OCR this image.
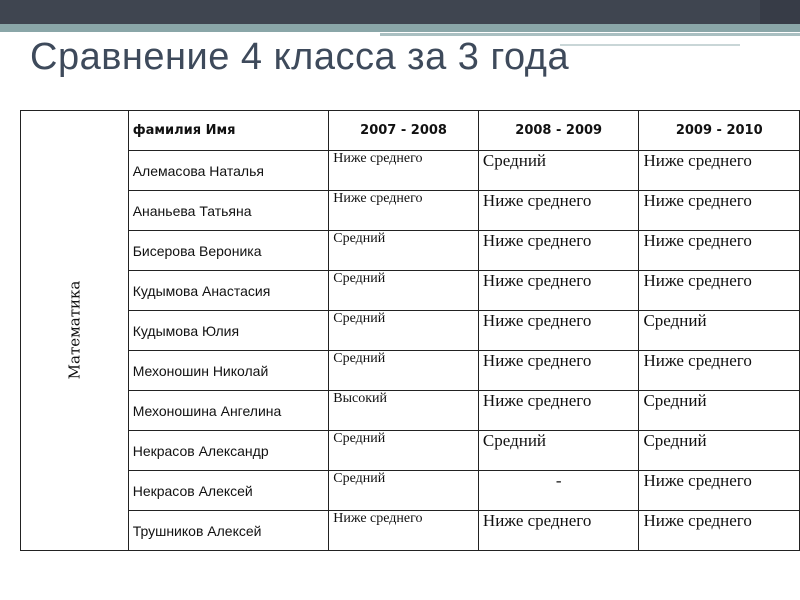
Сравнение 4 класса за 3 года
Математика	фамилия Имя	2007 - 2008	2008 - 2009	2009 - 2010
	Алемасова Наталья	Ниже среднего	Средний	Ниже среднего
	Ананьева Татьяна	Ниже среднего	Ниже среднего	Ниже среднего
	Бисерова Вероника	Средний	Ниже среднего	Ниже среднего
	Кудымова Анастасия	Средний	Ниже среднего	Ниже среднего
	Кудымова Юлия	Средний	Ниже среднего	Средний
	Мехоношин Николай	Средний	Ниже среднего	Ниже среднего
	Мехоношина Ангелина	Высокий	Ниже среднего	Средний
	Некрасов Александр	Средний	Средний	Средний
	Некрасов Алексей	Средний	-	Ниже среднего
	Трушников Алексей	Ниже среднего	Ниже среднего	Ниже среднего
